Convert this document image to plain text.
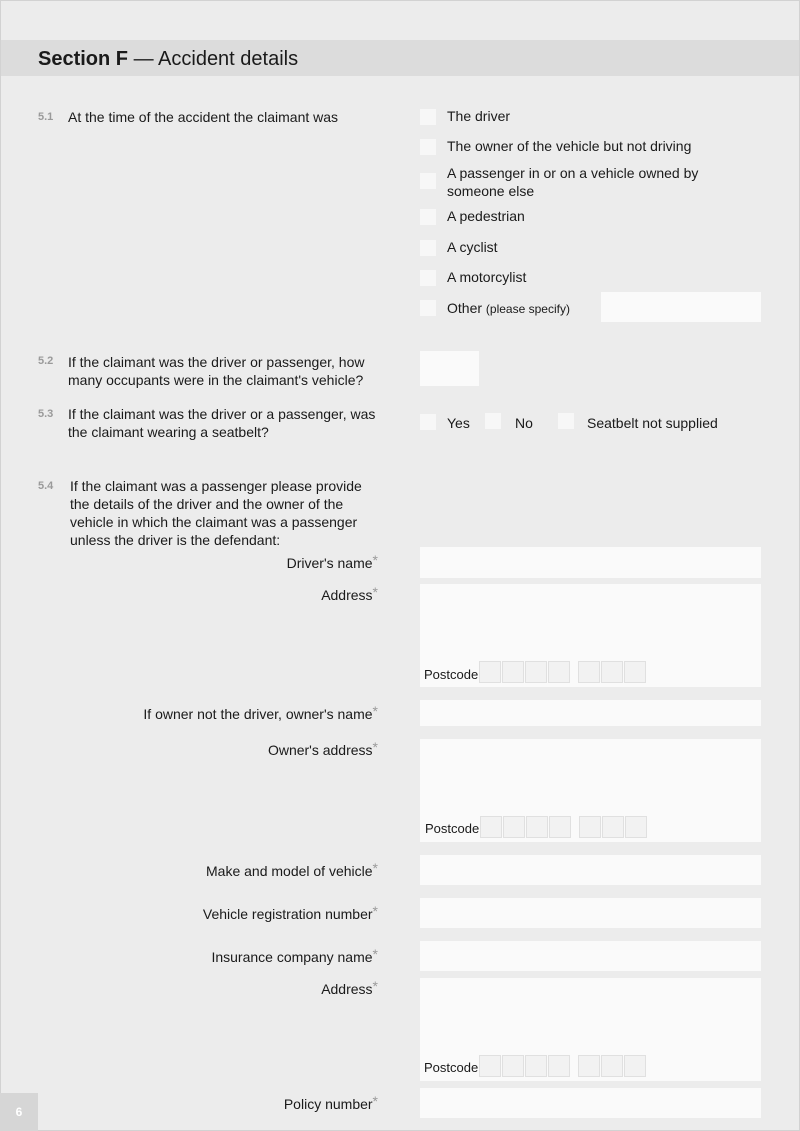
Section F — Accident details
5.1 At the time of the accident the claimant was	The driver
The owner of the vehicle but not driving
A passenger in or on a vehicle owned by someone else
A pedestrian
A cyclist
A motorcylist
Other (please specify)
5.2 If the claimant was the driver or passenger, how many occupants were in the claimant's vehicle?
5.3 If the claimant was the driver or a passenger, was the claimant wearing a seatbelt?
Yes	No	Seatbelt not supplied
5.4 If the claimant was a passenger please provide the details of the driver and the owner of the vehicle in which the claimant was a passenger unless the driver is the defendant:
Driver's name*
Address*
Postcode
If owner not the driver, owner's name*
Owner's address*
Postcode
Make and model of vehicle*
Vehicle registration number*
Insurance company name*
Address*
Postcode
Policy number*
6
